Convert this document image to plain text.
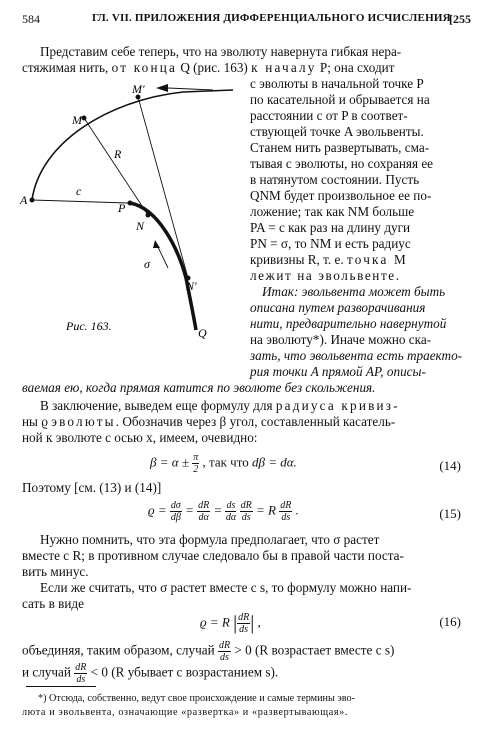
584	ГЛ. VII. ПРИЛОЖЕНИЯ ДИФФЕРЕНЦИАЛЬНОГО ИСЧИСЛЕНИЯ
[255
Представим себе теперь, что на эволюту навернута гибкая нера-
стяжимая нить, от конца Q (рис. 163) к началу P; она сходит
A
c
P
M
M'
R
N
N'
σ
Q
Рис. 163.
с эволюты в начальной точке P
по касательной и обрывается на
расстоянии c от P в соответ-
ствующей точке A эвольвенты.
Станем нить развертывать, сма-
тывая с эволюты, но сохраняя ее
в натянутом состоянии. Пусть
QNM будет произвольное ее по-
ложение; так как NM больше
PA = c как раз на длину дуги
PN = σ, то NM и есть радиус
кривизны R, т. е. точка M
лежит на эвольвенте.
Итак: эвольвента может быть
описана путем разворачивания
нити, предварительно навернутой
на эволюту*). Иначе можно ска-
зать, что эвольвента есть траекто-
рия точки A прямой AP, описы-
ваемая ею, когда прямая катится по эволюте без скольжения.
В заключение, выведем еще формулу для радиуса кривиз-
ны ϱ эволюты. Обозначив через β угол, составленный касатель-
ной к эволюте с осью x, имеем, очевидно:
$\beta = \alpha \pm \frac{\pi}{2}$ , так что dβ = dα.	(14)
Поэтому [см. (13) и (14)]
$ϱ = \frac{d\sigma}{d\beta} = \frac{dR}{d\alpha} = \frac{ds}{d\alpha}$
$\frac{dR}{ds} = R \frac{dR}{ds}$ .	(15)
Нужно помнить, что эта формула предполагает, что σ растет
вместе с R; в противном случае следовало бы в правой части поста-
вить минус.
Если же считать, что σ растет вместе с s, то формулу можно напи-
сать в виде
ϱ = R | $\frac{dR}{ds}$ | ,	(16)
объединяя, таким образом, случай $\frac{dR}{ds} > 0$ (R возрастает вместе с s)
и случай $\frac{dR}{ds} < 0$ (R убывает с возрастанием s).
*) Отсюда, собственно, ведут свое происхождение и самые термины эво-
люта и эвольвента, означающие «развертка» и «развертывающая».
